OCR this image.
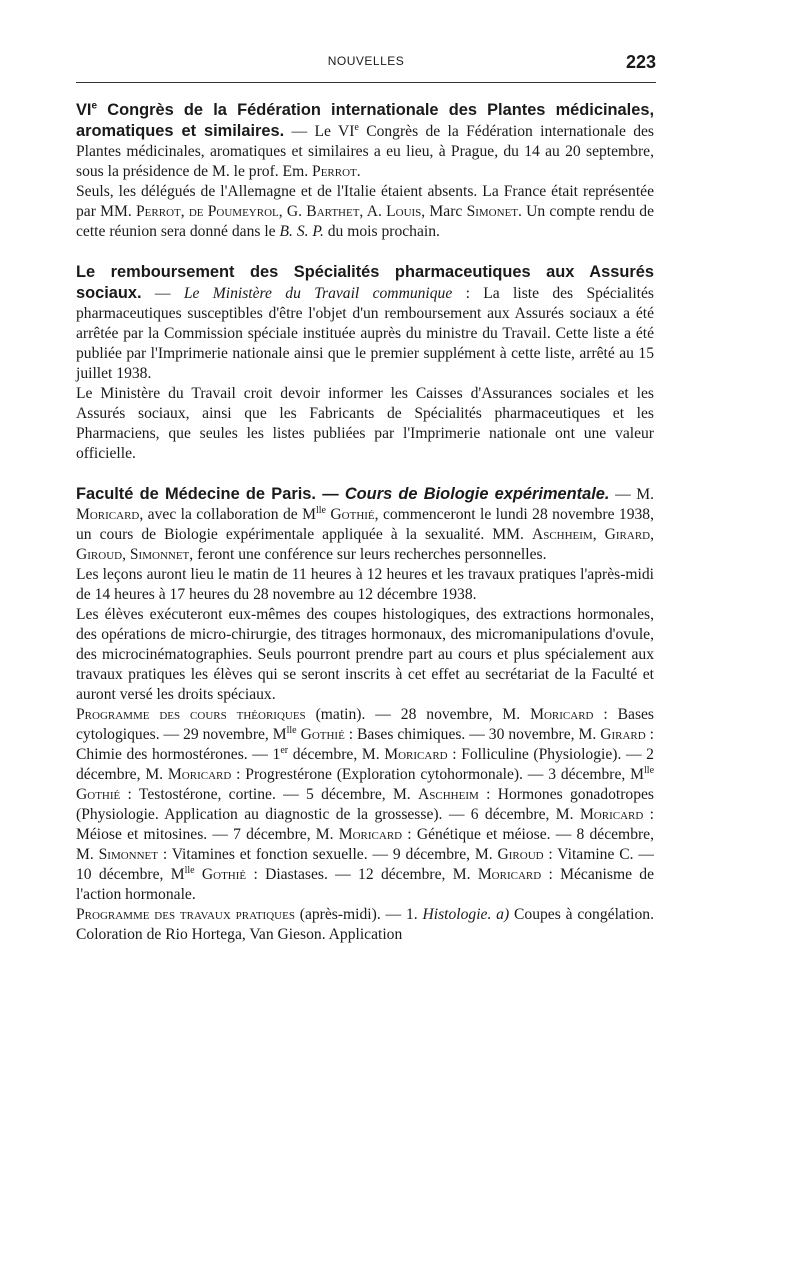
NOUVELLES	223

VIe Congrès de la Fédération internationale des Plantes médicinales, aromatiques et similaires. — Le VIe Congrès de la Fédération internationale des Plantes médicinales, aromatiques et similaires a eu lieu, à Prague, du 14 au 20 septembre, sous la présidence de M. le prof. Em. Perrot.

Seuls, les délégués de l'Allemagne et de l'Italie étaient absents. La France était représentée par MM. Perrot, de Poumeyrol, G. Barthet, A. Louis, Marc Simonet. Un compte rendu de cette réunion sera donné dans le B. S. P. du mois prochain.

Le remboursement des Spécialités pharmaceutiques aux Assurés sociaux. — Le Ministère du Travail communique : La liste des Spécialités pharmaceutiques susceptibles d'être l'objet d'un remboursement aux Assurés sociaux a été arrêtée par la Commission spéciale instituée auprès du ministre du Travail. Cette liste a été publiée par l'Imprimerie nationale ainsi que le premier supplément à cette liste, arrêté au 15 juillet 1938.

Le Ministère du Travail croit devoir informer les Caisses d'Assurances sociales et les Assurés sociaux, ainsi que les Fabricants de Spécialités pharmaceutiques et les Pharmaciens, que seules les listes publiées par l'Imprimerie nationale ont une valeur officielle.

Faculté de Médecine de Paris. — Cours de Biologie expérimentale. — M. Moricard, avec la collaboration de $M^{lle}$ Gothié, commenceront le lundi 28 novembre 1938, un cours de Biologie expérimentale appliquée à la sexualité. MM. Aschheim, Girard, Giroud, Simonnet, feront une conférence sur leurs recherches personnelles.

Les leçons auront lieu le matin de 11 heures à 12 heures et les travaux pratiques l'après-midi de 14 heures à 17 heures du 28 novembre au 12 décembre 1938.

Les élèves exécuteront eux-mêmes des coupes histologiques, des extractions hormonales, des opérations de micro-chirurgie, des titrages hormonaux, des micromanipulations d'ovule, des microcinématographies. Seuls pourront prendre part au cours et plus spécialement aux travaux pratiques les élèves qui se seront inscrits à cet effet au secrétariat de la Faculté et auront versé les droits spéciaux.

Programme des cours théoriques (matin). — 28 novembre, M. Moricard : Bases cytologiques. — 29 novembre, $M^{lle}$ Gothié : Bases chimiques. — 30 novembre, M. Girard : Chimie des hormostérones. — 1er décembre, M. Moricard : Folliculine (Physiologie). — 2 décembre, M. Moricard : Progrestérone (Exploration cytohormonale). — 3 décembre, $M^{lle}$ Gothié : Testostérone, cortine. — 5 décembre, M. Aschheim : Hormones gonadotropes (Physiologie. Application au diagnostic de la grossesse). — 6 décembre, M. Moricard : Méiose et mitosines. — 7 décembre, M. Moricard : Génétique et méiose. — 8 décembre, M. Simonnet : Vitamines et fonction sexuelle. — 9 décembre, M. Giroud : Vitamine C. — 10 décembre, $M^{lle}$ Gothié : Diastases. — 12 décembre, M. Moricard : Mécanisme de l'action hormonale.

Programme des travaux pratiques (après-midi). — 1. Histologie. a) Coupes à congélation. Coloration de Rio Hortega, Van Gieson. Application
